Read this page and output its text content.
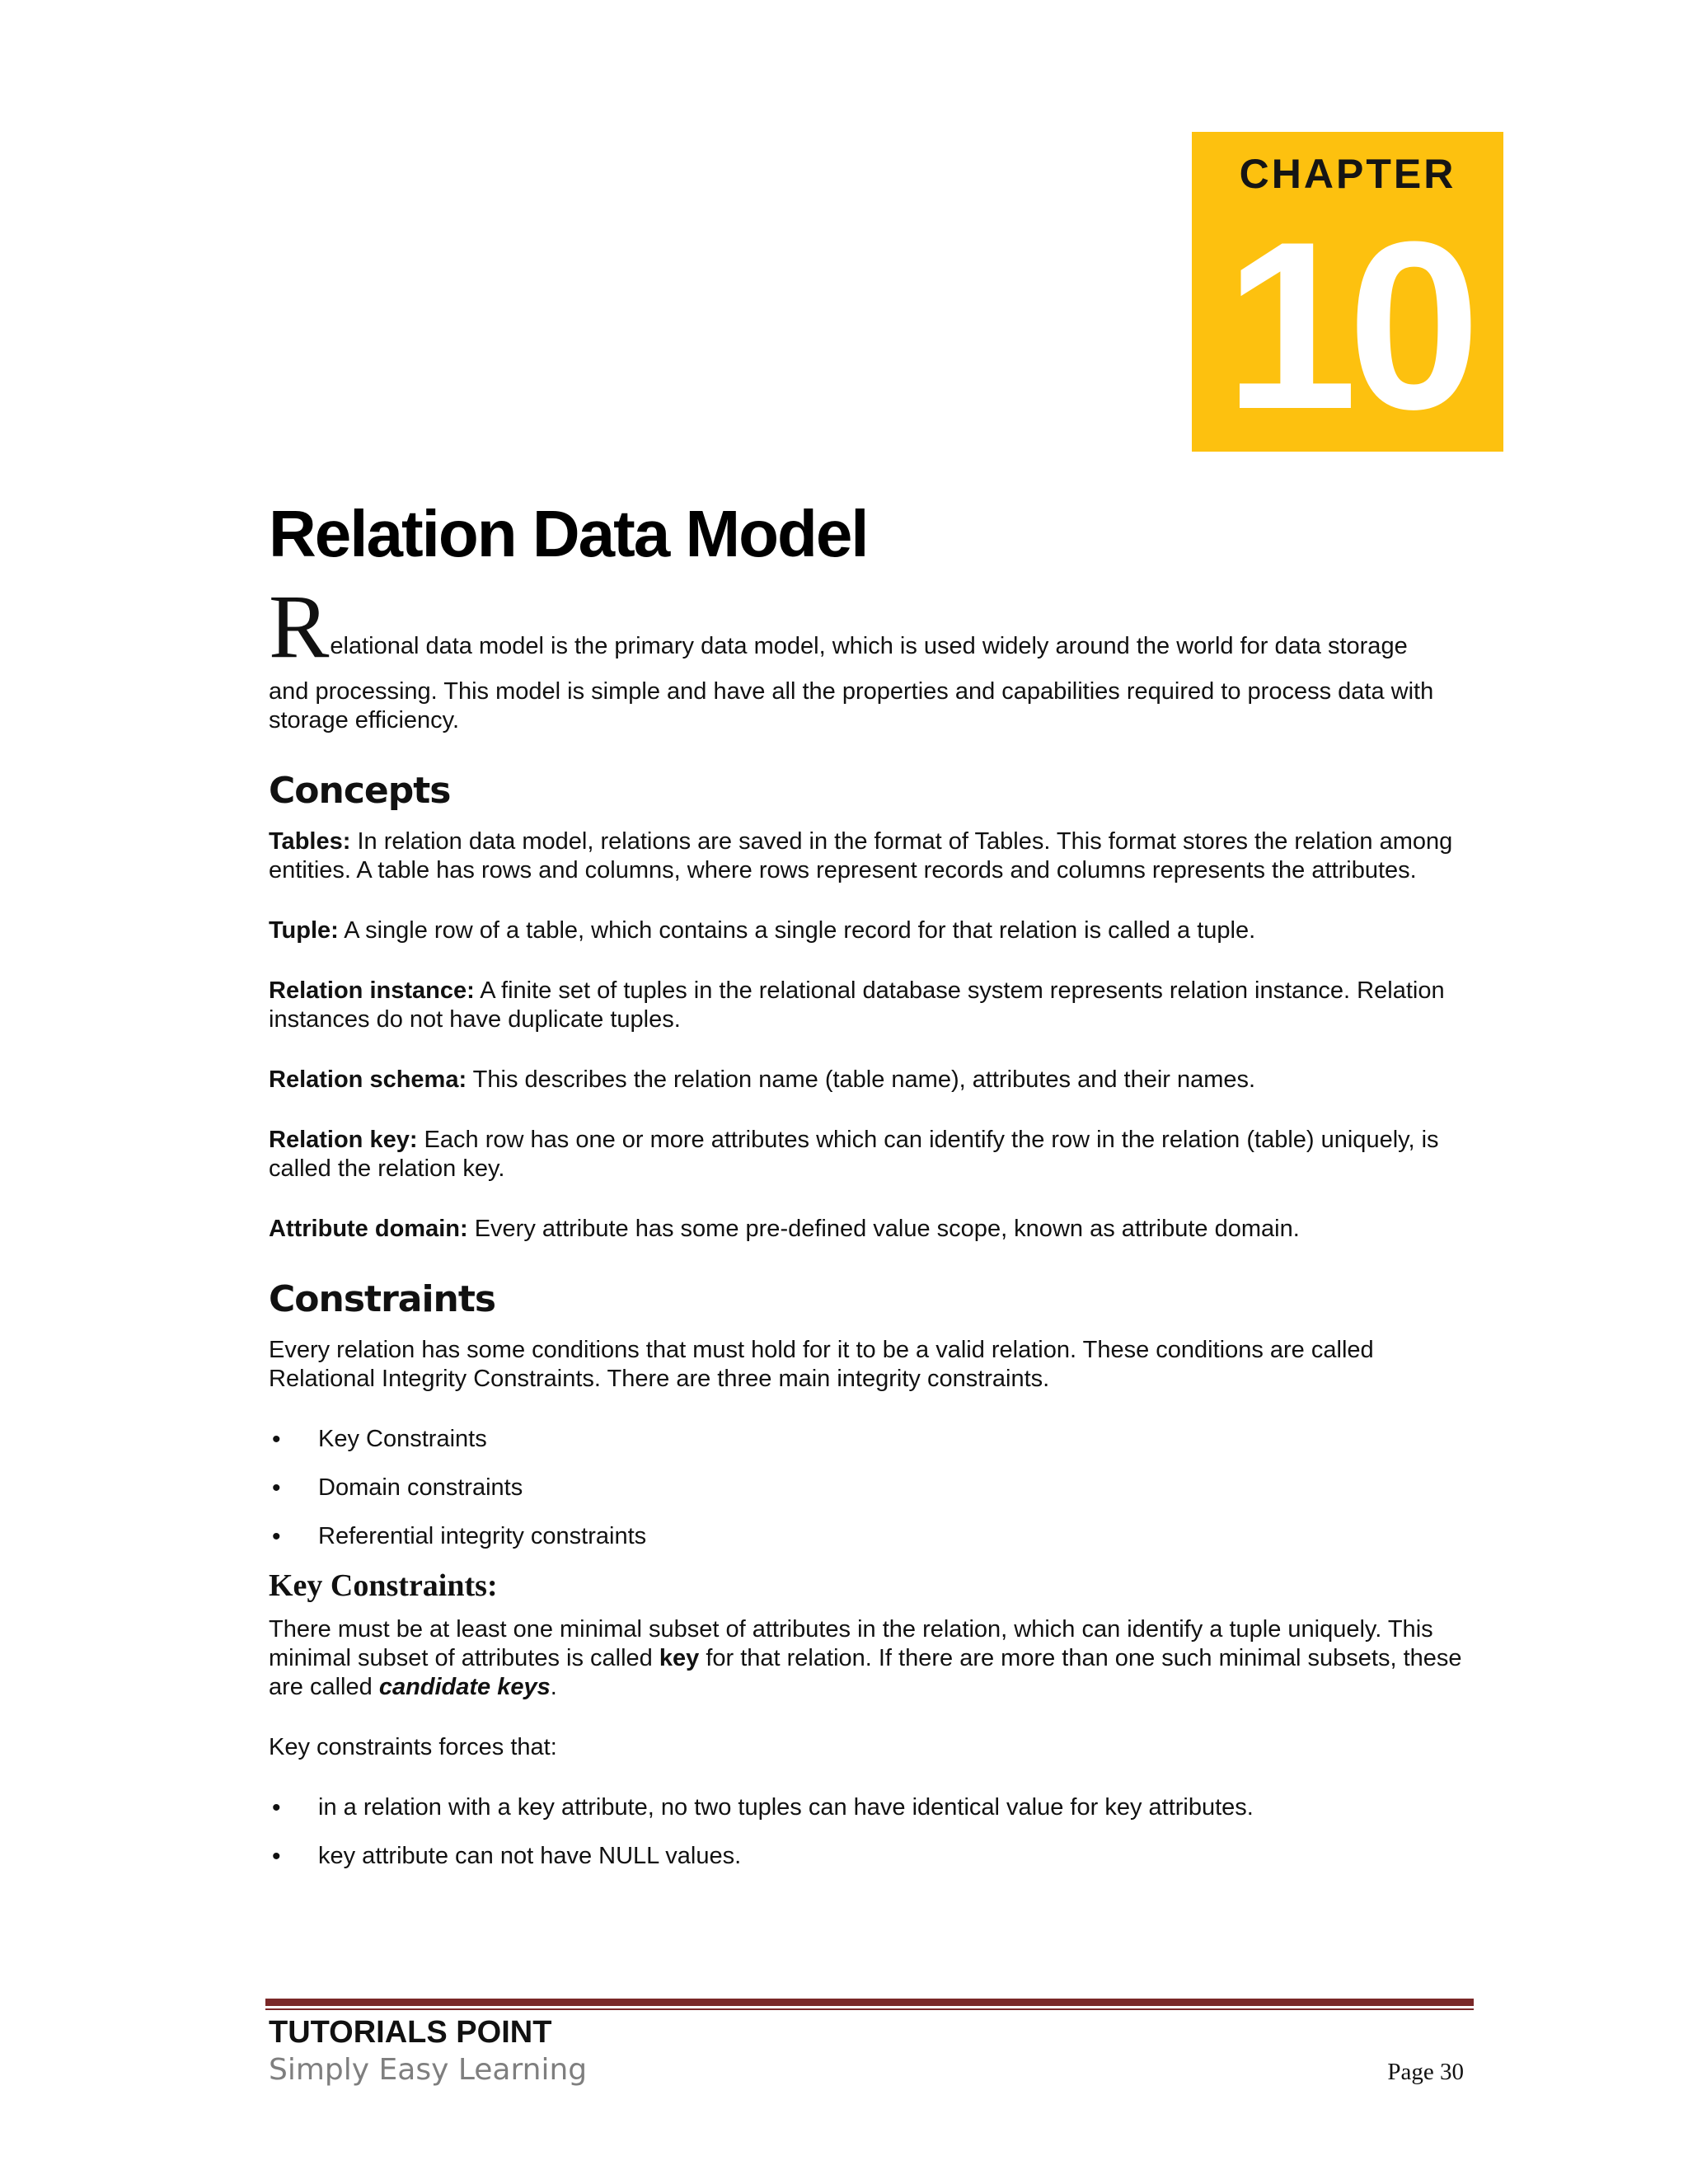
CHAPTER
10
Relation Data Model

Relational data model is the primary data model, which is used widely around the world for data storage
and processing. This model is simple and have all the properties and capabilities required to process data with storage efficiency.

Concepts

Tables: In relation data model, relations are saved in the format of Tables. This format stores the relation among entities. A table has rows and columns, where rows represent records and columns represents the attributes.

Tuple: A single row of a table, which contains a single record for that relation is called a tuple.

Relation instance: A finite set of tuples in the relational database system represents relation instance. Relation instances do not have duplicate tuples.

Relation schema: This describes the relation name (table name), attributes and their names.

Relation key: Each row has one or more attributes which can identify the row in the relation (table) uniquely, is called the relation key.

Attribute domain: Every attribute has some pre-defined value scope, known as attribute domain.

Constraints

Every relation has some conditions that must hold for it to be a valid relation. These conditions are called Relational Integrity Constraints. There are three main integrity constraints.

• Key Constraints
• Domain constraints
• Referential integrity constraints
Key Constraints:

There must be at least one minimal subset of attributes in the relation, which can identify a tuple uniquely. This minimal subset of attributes is called key for that relation. If there are more than one such minimal subsets, these are called candidate keys.

Key constraints forces that:

• in a relation with a key attribute, no two tuples can have identical value for key attributes.
• key attribute can not have NULL values.
TUTORIALS POINT
Simply Easy Learning	Page 30
